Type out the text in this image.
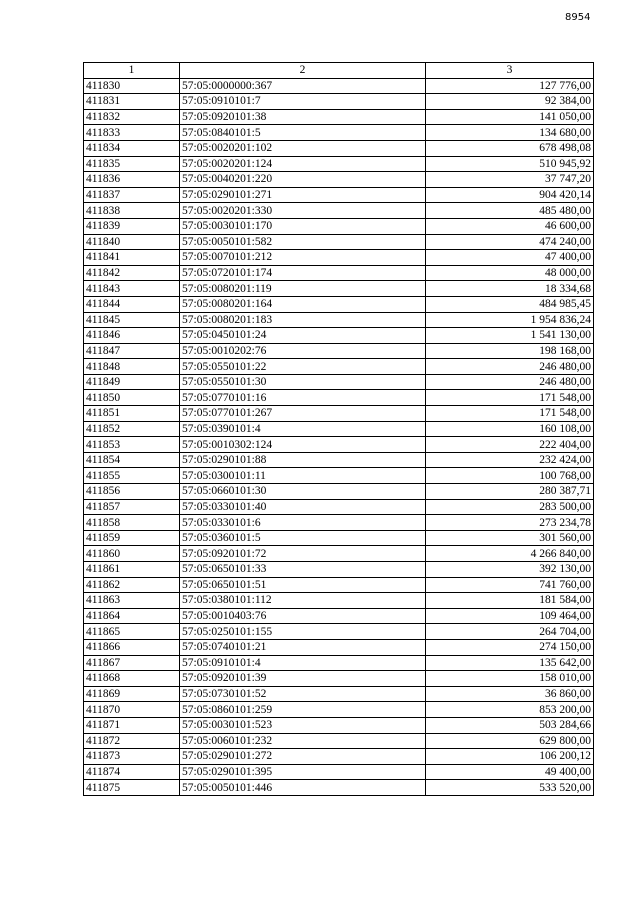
8954
1	2	3
411830	57:05:0000000:367	127 776,00
411831	57:05:0910101:7	92 384,00
411832	57:05:0920101:38	141 050,00
411833	57:05:0840101:5	134 680,00
411834	57:05:0020201:102	678 498,08
411835	57:05:0020201:124	510 945,92
411836	57:05:0040201:220	37 747,20
411837	57:05:0290101:271	904 420,14
411838	57:05:0020201:330	485 480,00
411839	57:05:0030101:170	46 600,00
411840	57:05:0050101:582	474 240,00
411841	57:05:0070101:212	47 400,00
411842	57:05:0720101:174	48 000,00
411843	57:05:0080201:119	18 334,68
411844	57:05:0080201:164	484 985,45
411845	57:05:0080201:183	1 954 836,24
411846	57:05:0450101:24	1 541 130,00
411847	57:05:0010202:76	198 168,00
411848	57:05:0550101:22	246 480,00
411849	57:05:0550101:30	246 480,00
411850	57:05:0770101:16	171 548,00
411851	57:05:0770101:267	171 548,00
411852	57:05:0390101:4	160 108,00
411853	57:05:0010302:124	222 404,00
411854	57:05:0290101:88	232 424,00
411855	57:05:0300101:11	100 768,00
411856	57:05:0660101:30	280 387,71
411857	57:05:0330101:40	283 500,00
411858	57:05:0330101:6	273 234,78
411859	57:05:0360101:5	301 560,00
411860	57:05:0920101:72	4 266 840,00
411861	57:05:0650101:33	392 130,00
411862	57:05:0650101:51	741 760,00
411863	57:05:0380101:112	181 584,00
411864	57:05:0010403:76	109 464,00
411865	57:05:0250101:155	264 704,00
411866	57:05:0740101:21	274 150,00
411867	57:05:0910101:4	135 642,00
411868	57:05:0920101:39	158 010,00
411869	57:05:0730101:52	36 860,00
411870	57:05:0860101:259	853 200,00
411871	57:05:0030101:523	503 284,66
411872	57:05:0060101:232	629 800,00
411873	57:05:0290101:272	106 200,12
411874	57:05:0290101:395	49 400,00
411875	57:05:0050101:446	533 520,00
